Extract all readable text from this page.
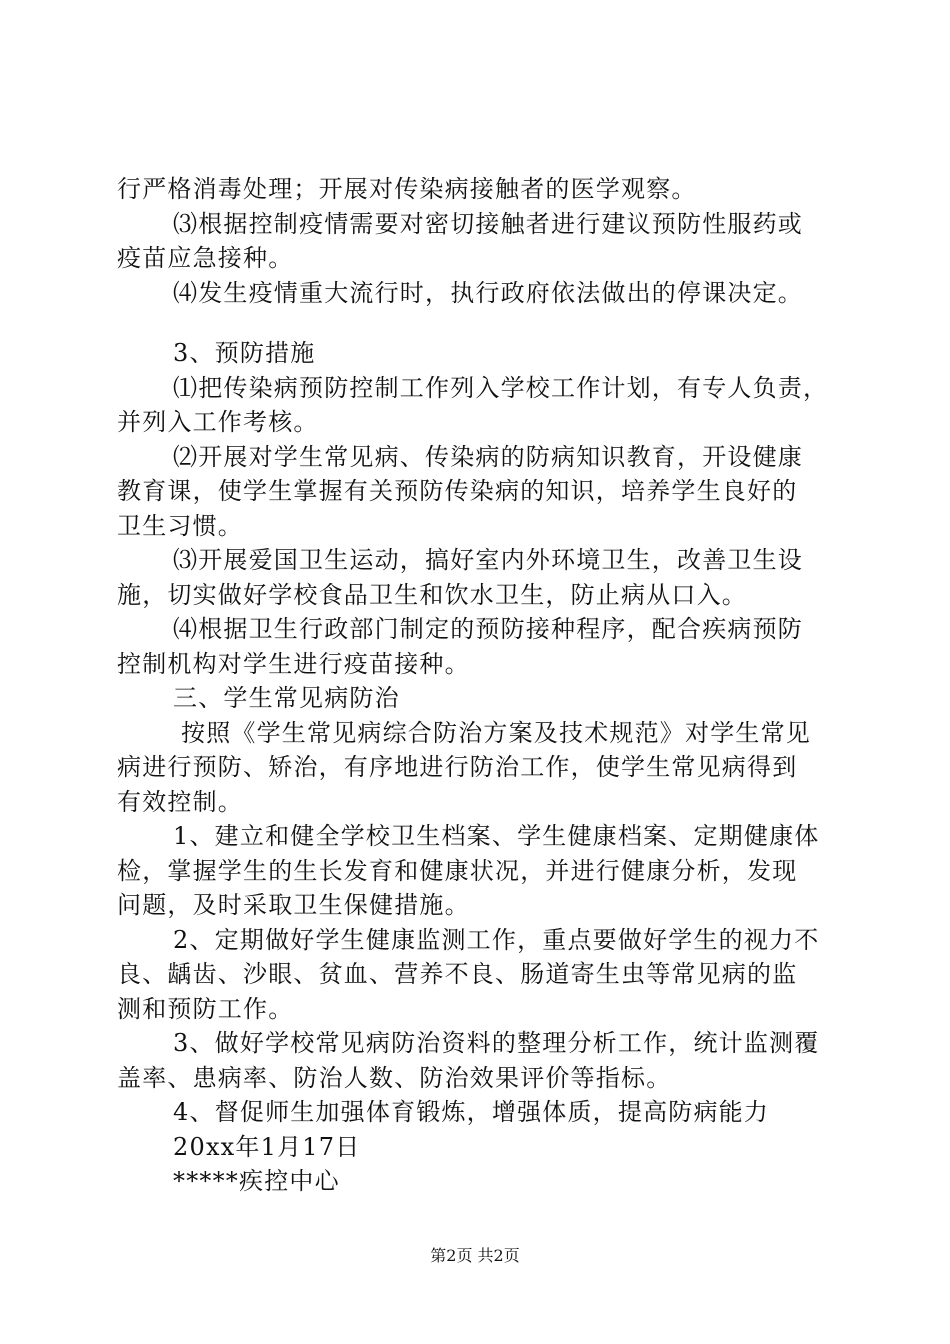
行严格消毒处理；开展对传染病接触者的医学观察。
⑶根据控制疫情需要对密切接触者进行建议预防性服药或
疫苗应急接种。
⑷发生疫情重大流行时，执行政府依法做出的停课决定。
3、预防措施
⑴把传染病预防控制工作列入学校工作计划，有专人负责，
并列入工作考核。
⑵开展对学生常见病、传染病的防病知识教育，开设健康
教育课，使学生掌握有关预防传染病的知识，培养学生良好的
卫生习惯。
⑶开展爱国卫生运动，搞好室内外环境卫生，改善卫生设
施，切实做好学校食品卫生和饮水卫生，防止病从口入。
⑷根据卫生行政部门制定的预防接种程序，配合疾病预防
控制机构对学生进行疫苗接种。
三、学生常见病防治
按照《学生常见病综合防治方案及技术规范》对学生常见
病进行预防、矫治，有序地进行防治工作，使学生常见病得到
有效控制。
1、建立和健全学校卫生档案、学生健康档案、定期健康体
检，掌握学生的生长发育和健康状况，并进行健康分析，发现
问题，及时采取卫生保健措施。
2、定期做好学生健康监测工作，重点要做好学生的视力不
良、龋齿、沙眼、贫血、营养不良、肠道寄生虫等常见病的监
测和预防工作。
3、做好学校常见病防治资料的整理分析工作，统计监测覆
盖率、患病率、防治人数、防治效果评价等指标。
4、督促师生加强体育锻炼，增强体质，提高防病能力
20xx年1月17日
*****疾控中心
第2页 共2页
